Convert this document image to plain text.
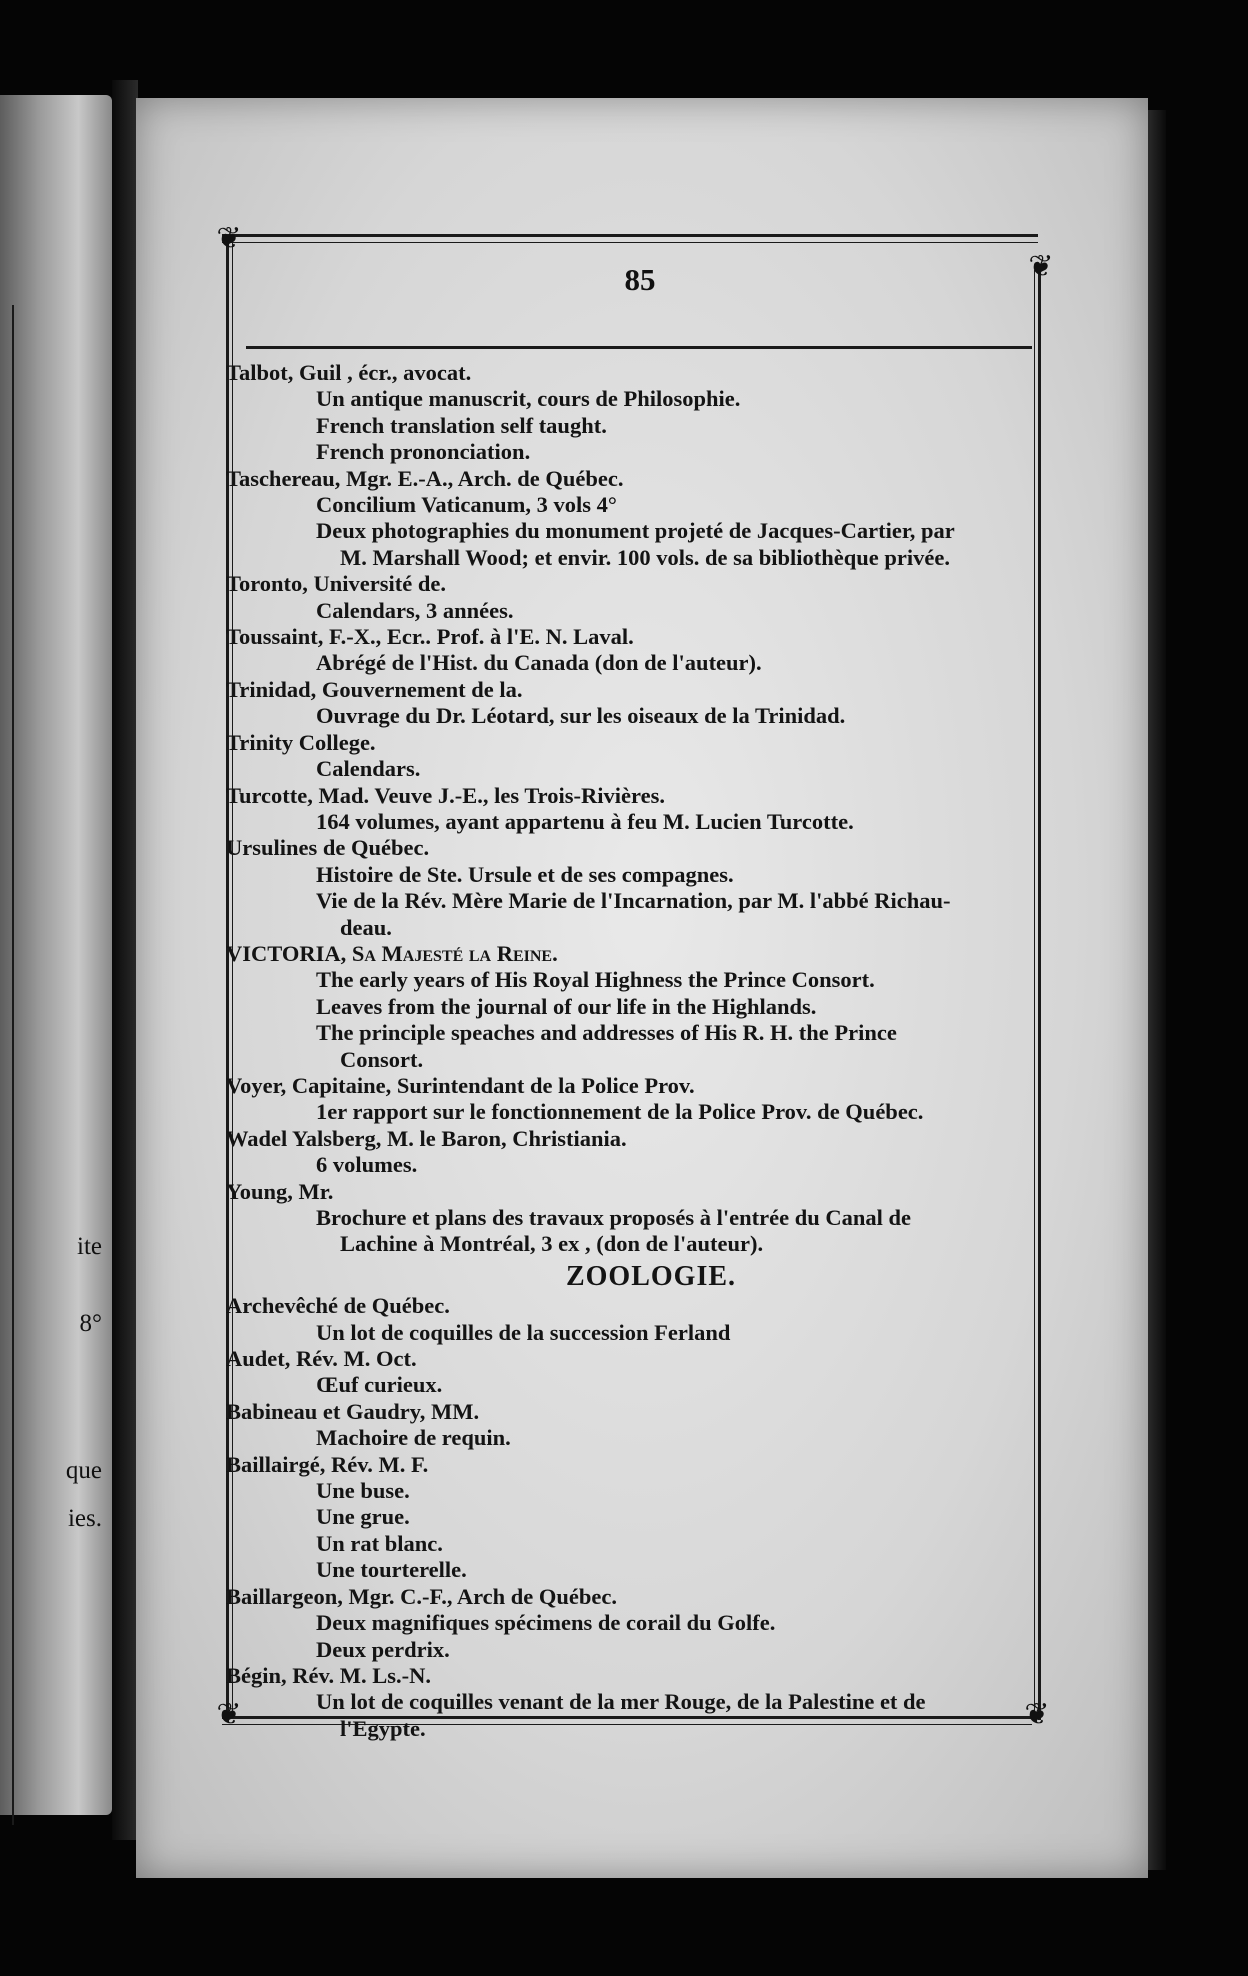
ite
8°
que
ies.
❦
❦
❦	❦
85
Talbot, Guil , écr., avocat.
Un antique manuscrit, cours de Philosophie.
French translation self taught.
French prononciation.
Taschereau, Mgr. E.-A., Arch. de Québec.
Concilium Vaticanum, 3 vols 4°
Deux photographies du monument projeté de Jacques-Cartier, par
M. Marshall Wood; et envir. 100 vols. de sa bibliothèque privée.
Toronto, Université de.
Calendars, 3 années.
Toussaint, F.-X., Ecr.. Prof. à l'E. N. Laval.
Abrégé de l'Hist. du Canada (don de l'auteur).
Trinidad, Gouvernement de la.
Ouvrage du Dr. Léotard, sur les oiseaux de la Trinidad.
Trinity College.
Calendars.
Turcotte, Mad. Veuve J.-E., les Trois-Rivières.
164 volumes, ayant appartenu à feu M. Lucien Turcotte.
Ursulines de Québec.
Histoire de Ste. Ursule et de ses compagnes.
Vie de la Rév. Mère Marie de l'Incarnation, par M. l'abbé Richau-
deau.
VICTORIA, Sa Majesté la Reine.
The early years of His Royal Highness the Prince Consort.
Leaves from the journal of our life in the Highlands.
The principle speaches and addresses of His R. H. the Prince
Consort.
Voyer, Capitaine, Surintendant de la Police Prov.
1er rapport sur le fonctionnement de la Police Prov. de Québec.
Wadel Yalsberg, M. le Baron, Christiania.
6 volumes.
Young, Mr.
Brochure et plans des travaux proposés à l'entrée du Canal de
Lachine à Montréal, 3 ex , (don de l'auteur).
ZOOLOGIE.
Archevêché de Québec.
Un lot de coquilles de la succession Ferland
Audet, Rév. M. Oct.
Œuf curieux.
Babineau et Gaudry, MM.
Machoire de requin.
Baillairgé, Rév. M. F.
Une buse.
Une grue.
Un rat blanc.
Une tourterelle.
Baillargeon, Mgr. C.-F., Arch de Québec.
Deux magnifiques spécimens de corail du Golfe.
Deux perdrix.
Bégin, Rév. M. Ls.-N.
Un lot de coquilles venant de la mer Rouge, de la Palestine et de
l'Egypte.
